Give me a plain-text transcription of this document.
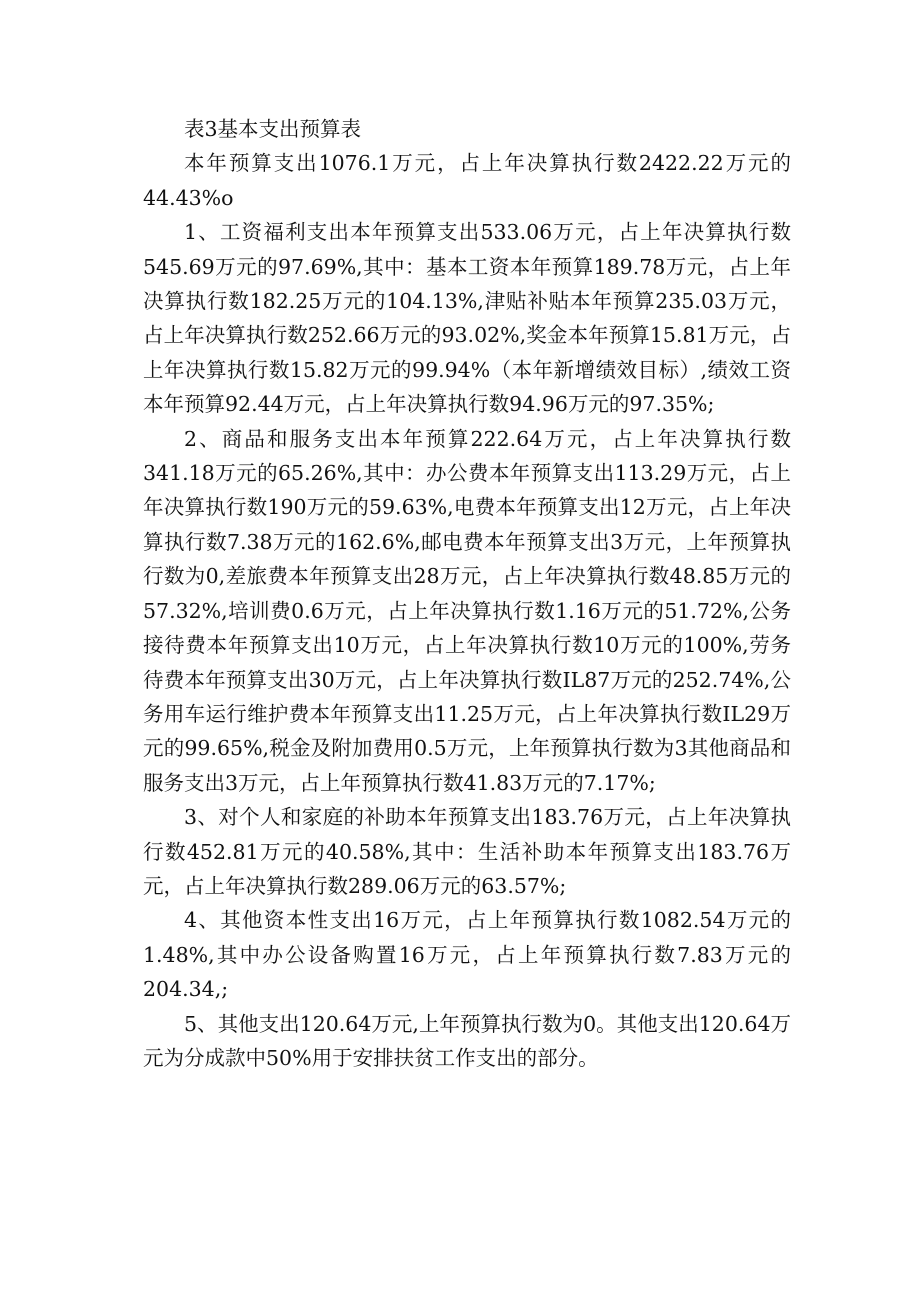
表3基本支出预算表

本年预算支出1076.1万元，占上年决算执行数2422.22万元的44.43%o

1、工资福利支出本年预算支出533.06万元，占上年决算执行数545.69万元的97.69%,其中：基本工资本年预算189.78万元，占上年决算执行数182.25万元的104.13%,津贴补贴本年预算235.03万元，占上年决算执行数252.66万元的93.02%,奖金本年预算15.81万元，占上年决算执行数15.82万元的99.94%（本年新增绩效目标）,绩效工资本年预算92.44万元，占上年决算执行数94.96万元的97.35%;

2、商品和服务支出本年预算222.64万元，占上年决算执行数341.18万元的65.26%,其中：办公费本年预算支出113.29万元，占上年决算执行数190万元的59.63%,电费本年预算支出12万元，占上年决算执行数7.38万元的162.6%,邮电费本年预算支出3万元，上年预算执行数为0,差旅费本年预算支出28万元，占上年决算执行数48.85万元的57.32%,培训费0.6万元，占上年决算执行数1.16万元的51.72%,公务接待费本年预算支出10万元，占上年决算执行数10万元的100%,劳务待费本年预算支出30万元，占上年决算执行数IL87万元的252.74%,公务用车运行维护费本年预算支出11.25万元，占上年决算执行数IL29万元的99.65%,税金及附加费用0.5万元，上年预算执行数为3其他商品和服务支出3万元，占上年预算执行数41.83万元的7.17%;

3、对个人和家庭的补助本年预算支出183.76万元，占上年决算执行数452.81万元的40.58%,其中：生活补助本年预算支出183.76万元，占上年决算执行数289.06万元的63.57%;

4、其他资本性支出16万元，占上年预算执行数1082.54万元的1.48%,其中办公设备购置16万元，占上年预算执行数7.83万元的204.34,;

5、其他支出120.64万元,上年预算执行数为0。其他支出120.64万元为分成款中50%用于安排扶贫工作支出的部分。
